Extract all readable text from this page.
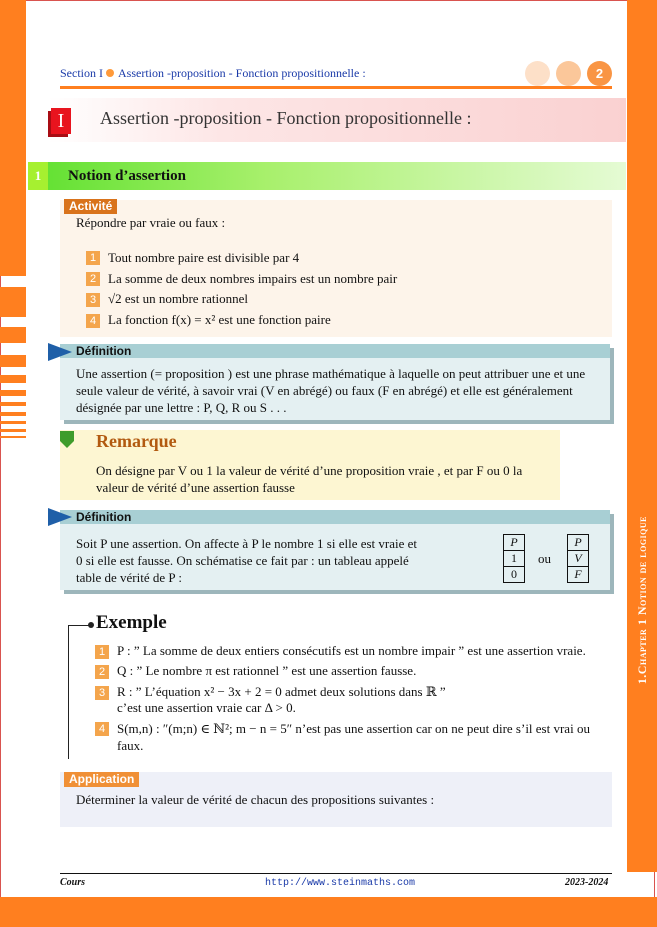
1.Chapter 1 Notion de logique
Section I Assertion -proposition - Fonction propositionnelle :	2
I	Assertion -proposition - Fonction propositionnelle :
1	Notion d’assertion
Activité
Répondre par vraie ou faux :
1 Tout nombre paire est divisible par 4
2 La somme de deux nombres impairs est un nombre pair
3 √2 est un nombre rationnel
4 La fonction f(x) = x² est une fonction paire
Définition
Une assertion (= proposition ) est une phrase mathématique à laquelle on peut attribuer une et une
seule valeur de vérité, à savoir vrai (V en abrégé) ou faux (F en abrégé) et elle est généralement
désignée par une lettre : P, Q, R ou S . . .
Remarque
On désigne par V ou 1 la valeur de vérité d’une proposition vraie , et par F ou 0 la
valeur de vérité d’une assertion fausse
Définition
Soit P une assertion. On affecte à P le nombre 1 si elle est vraie et
0 si elle est fausse. On schématise ce fait par : un tableau appelé
table de vérité de P :
P
1
0
ou
P
V
F
Exemple
1 P : ” La somme de deux entiers consécutifs est un nombre impair ” est une assertion vraie.
2 Q : ” Le nombre π est rationnel ” est une assertion fausse.
3 R : ” L’équation x² − 3x + 2 = 0 admet deux solutions dans ℝ ”
c’est une assertion vraie car Δ > 0.
4 S(m,n) : ″(m;n) ∈ ℕ²; m − n = 5″ n’est pas une assertion car on ne peut dire s’il est vrai ou
faux.
Application
Déterminer la valeur de vérité de chacun des propositions suivantes :
Cours	http://www.steinmaths.com	2023-2024
